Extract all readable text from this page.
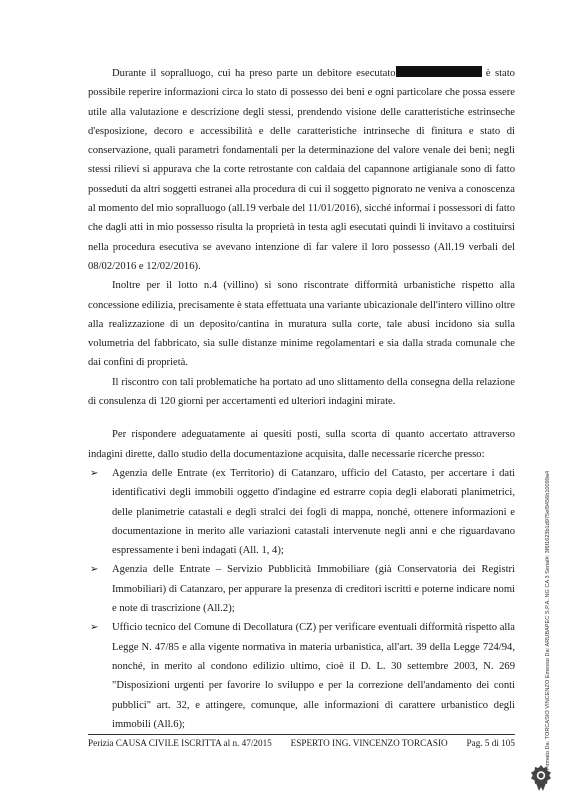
Durante il sopralluogo, cui ha preso parte un debitore esecutato	è stato possibile reperire informazioni circa lo stato di possesso dei beni e ogni particolare che possa essere utile alla valutazione e descrizione degli stessi, prendendo visione delle caratteristiche estrinseche d'esposizione, decoro e accessibilità e delle caratteristiche intrinseche di finitura e stato di conservazione, quali parametri fondamentali per la determinazione del valore venale dei beni; negli stessi rilievi si appurava che la corte retrostante con caldaia del capannone artigianale sono di fatto posseduti da altri soggetti estranei alla procedura di cui il soggetto pignorato ne veniva a conoscenza al momento del mio sopralluogo (all.19 verbale del 11/01/2016), sicché informai i possessori di fatto che dagli atti in mio possesso risulta la proprietà in testa agli esecutati quindi li invitavo a costituirsi nella procedura esecutiva se avevano intenzione di far valere il loro possesso (All.19 verbali del 08/02/2016 e 12/02/2016).

Inoltre per il lotto n.4 (villino) si sono riscontrate difformità urbanistiche rispetto alla concessione edilizia, precisamente è stata effettuata una variante ubicazionale dell'intero villino oltre alla realizzazione di un deposito/cantina in muratura sulla corte, tale abusi incidono sia sulla volumetria del fabbricato, sia sulle distanze minime regolamentari e sia dalla strada comunale che dai confini di proprietà.

Il riscontro con tali problematiche ha portato ad uno slittamento della consegna della relazione di consulenza di 120 giorni per accertamenti ed ulteriori indagini mirate.

Per rispondere adeguatamente ai quesiti posti, sulla scorta di quanto accertato attraverso indagini dirette, dallo studio della documentazione acquisita, dalle necessarie ricerche presso:

➢ Agenzia delle Entrate (ex Territorio) di Catanzaro, ufficio del Catasto, per accertare i dati identificativi degli immobili oggetto d'indagine ed estrarre copia degli elaborati planimetrici, delle planimetrie catastali e degli stralci dei fogli di mappa, nonché, ottenere informazioni e documentazione in merito alle variazioni catastali intervenute negli anni e che riguardavano espressamente i beni indagati (All. 1, 4);
➢ Agenzia delle Entrate – Servizio Pubblicità Immobiliare (già Conservatoria dei Registri Immobiliari) di Catanzaro, per appurare la presenza di creditori iscritti e poterne indicare nomi e note di trascrizione (All.2);
➢ Ufficio tecnico del Comune di Decollatura (CZ) per verificare eventuali difformità rispetto alla Legge N. 47/85 e alla vigente normativa in materia urbanistica, all'art. 39 della Legge 724/94, nonché, in merito al condono edilizio ultimo, cioè il D. L. 30 settembre 2003, N. 269 "Disposizioni urgenti per favorire lo sviluppo e per la correzione dell'andamento dei conti pubblici" art. 32, e attingere, comunque, alle informazioni di carattere urbanistico degli immobili (All.6);
Perizia CAUSA CIVILE ISCRITTA al n. 47/2015 ESPERTO ING. VINCENZO TORCASIO Pag. 5 di 105	Firmato Da: TORCASIO VINCENZO Emesso Da: ARUBAPEC S.P.A. NG CA 3 Serial#: 3f6f1623b1d975ef9456b10099a4
